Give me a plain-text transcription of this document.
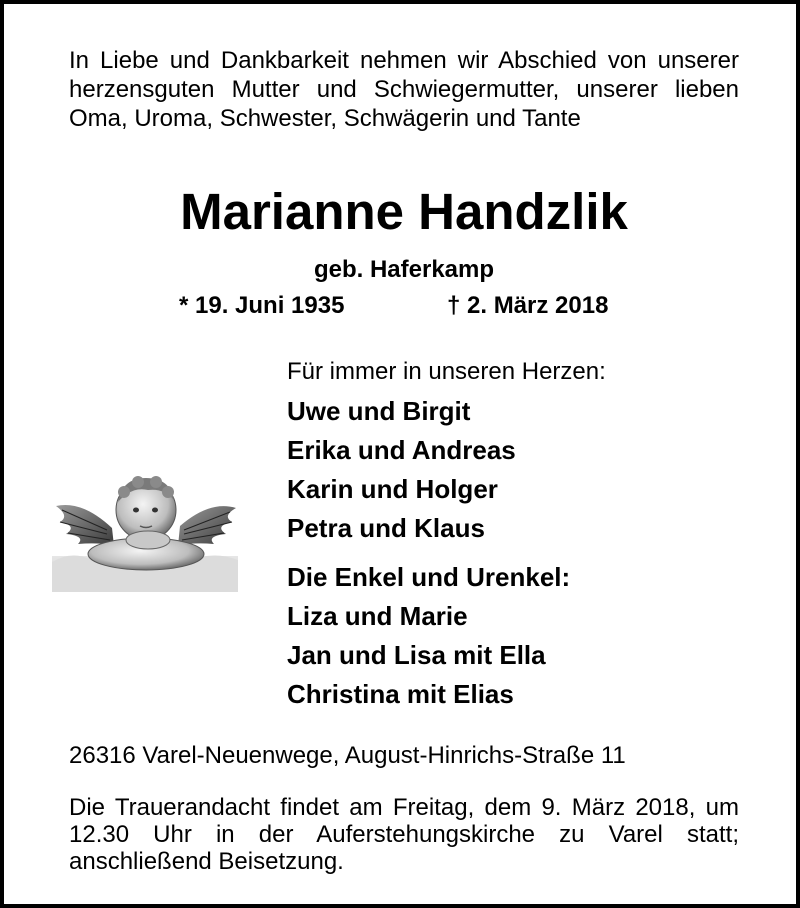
In Liebe und Dankbarkeit nehmen wir Abschied von unserer herzensguten Mutter und Schwiegermutter, unserer lieben Oma, Uroma, Schwester, Schwägerin und Tante
Marianne Handzlik
geb. Haferkamp
* 19. Juni 1935	† 2. März 2018
Für immer in unseren Herzen:
Uwe und Birgit
Erika und Andreas
Karin und Holger
Petra und Klaus
Die Enkel und Urenkel:
Liza und Marie
Jan und Lisa mit Ella
Christina mit Elias
26316 Varel-Neuenwege, August-Hinrichs-Straße 11
Die Trauerandacht findet am Freitag, dem 9. März 2018, um 12.30 Uhr in der Auferstehungskirche zu Varel statt; anschließend Beisetzung.
